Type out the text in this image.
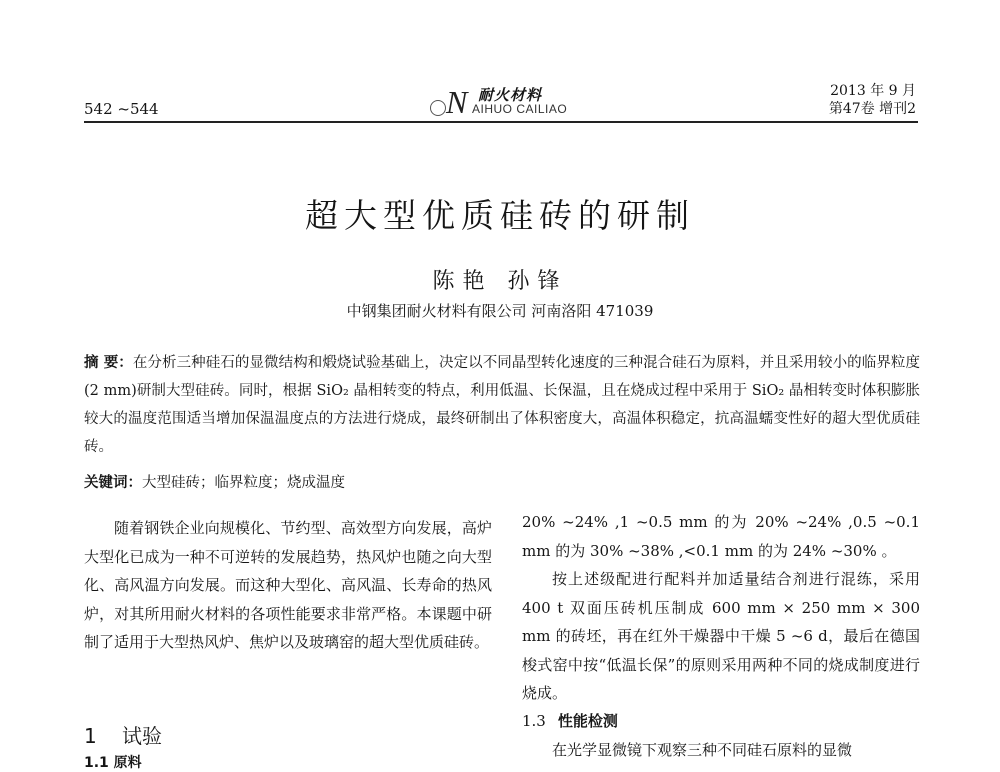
542 ~544	N 耐火材料
AIHUO CAILIAO
2013 年 9 月
第47卷 增刊2
超大型优质硅砖的研制
陈艳 孙锋
中钢集团耐火材料有限公司 河南洛阳 471039
摘 要：在分析三种硅石的显微结构和煅烧试验基础上，决定以不同晶型转化速度的三种混合硅石为原料，并且采用较小的临界粒度(2 mm)研制大型硅砖。同时，根据 SiO₂ 晶相转变的特点，利用低温、长保温，且在烧成过程中采用于 SiO₂ 晶相转变时体积膨胀较大的温度范围适当增加保温温度点的方法进行烧成，最终研制出了体积密度大，高温体积稳定，抗高温蠕变性好的超大型优质硅砖。
关键词：大型硅砖；临界粒度；烧成温度

随着钢铁企业向规模化、节约型、高效型方向发展，高炉大型化已成为一种不可逆转的发展趋势，热风炉也随之向大型化、高风温方向发展。而这种大型化、高风温、长寿命的热风炉，对其所用耐火材料的各项性能要求非常严格。本课题中研制了适用于大型热风炉、焦炉以及玻璃窑的超大型优质硅砖。

1 试验
1.1 原料

20% ~24% ,1 ~0.5 mm 的为 20% ~24% ,0.5 ~0.1 mm 的为 30% ~38% ,<0.1 mm 的为 24% ~30% 。

按上述级配进行配料并加适量结合剂进行混练，采用 400 t 双面压砖机压制成 600 mm × 250 mm × 300 mm 的砖坯，再在红外干燥器中干燥 5 ~6 d，最后在德国梭式窑中按“低温长保”的原则采用两种不同的烧成制度进行烧成。

1.3 性能检测
在光学显微镜下观察三种不同硅石原料的显微
